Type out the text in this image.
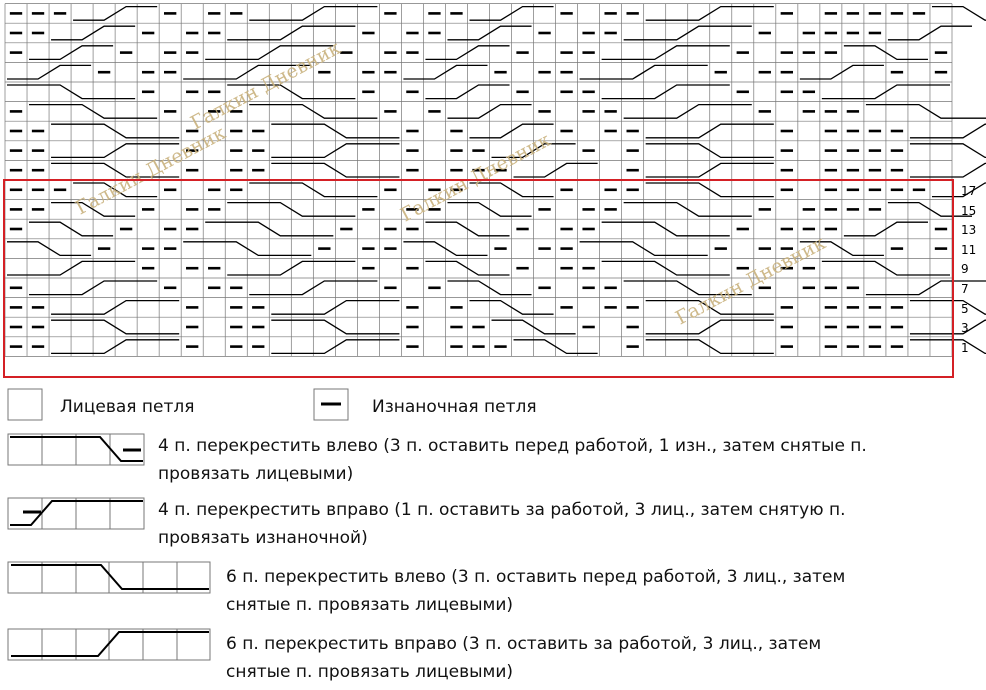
Галкин Дневник	Галкин Дневник
Галкин Дневник
Галкин Дневник
17
15
13
11
9
7
5
3
1
Лицевая петля	Изнаночная петля
4 п. перекрестить влево (3 п. оставить перед работой, 1 изн., затем снятые п.
провязать лицевыми)
4 п. перекрестить вправо (1 п. оставить за работой, 3 лиц., затем снятую п.
провязать изнаночной)
6 п. перекрестить влево (3 п. оставить перед работой, 3 лиц., затем
снятые п. провязать лицевыми)
6 п. перекрестить вправо (3 п. оставить за работой, 3 лиц., затем
снятые п. провязать лицевыми)
